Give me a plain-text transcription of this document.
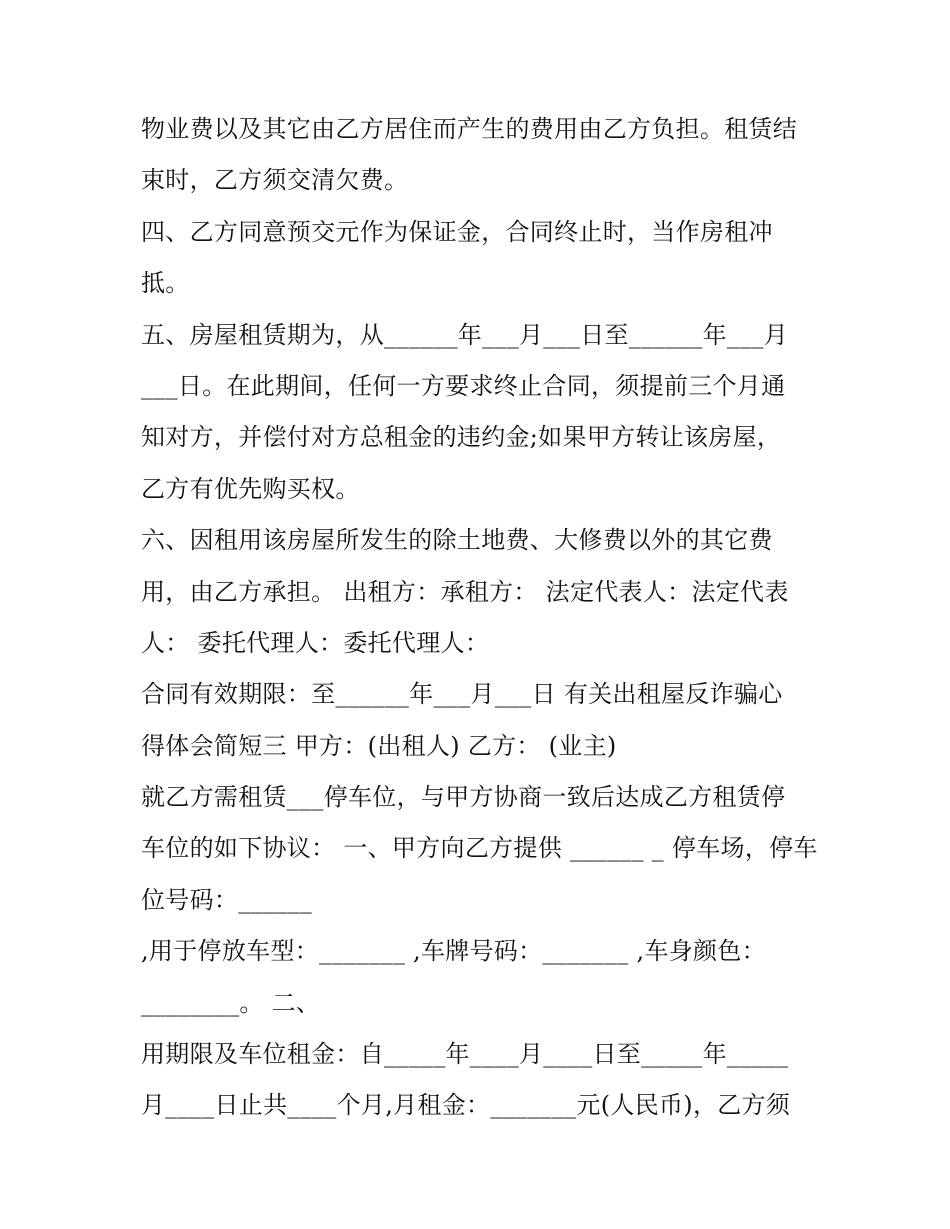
物业费以及其它由乙方居住而产生的费用由乙方负担。租赁结
束时，乙方须交清欠费。
四、乙方同意预交元作为保证金，合同终止时，当作房租冲
抵。
五、房屋租赁期为，从______年___月___日至______年___月
___日。在此期间，任何一方要求终止合同，须提前三个月通
知对方，并偿付对方总租金的违约金;如果甲方转让该房屋，
乙方有优先购买权。
六、因租用该房屋所发生的除土地费、大修费以外的其它费
用，由乙方承担。 出租方：承租方： 法定代表人：法定代表
人： 委托代理人：委托代理人：
合同有效期限：至______年___月___日 有关出租屋反诈骗心
得体会简短三 甲方：(出租人) 乙方： (业主)
就乙方需租赁___停车位，与甲方协商一致后达成乙方租赁停
车位的如下协议： 一、甲方向乙方提供 ______ _ 停车场，停车
位号码：______
,用于停放车型：_______ ,车牌号码：_______ ,车身颜色：
________。 二、
用期限及车位租金：自_____年____月____日至_____年_____
月____日止共____个月,月租金：_______元(人民币)，乙方须
